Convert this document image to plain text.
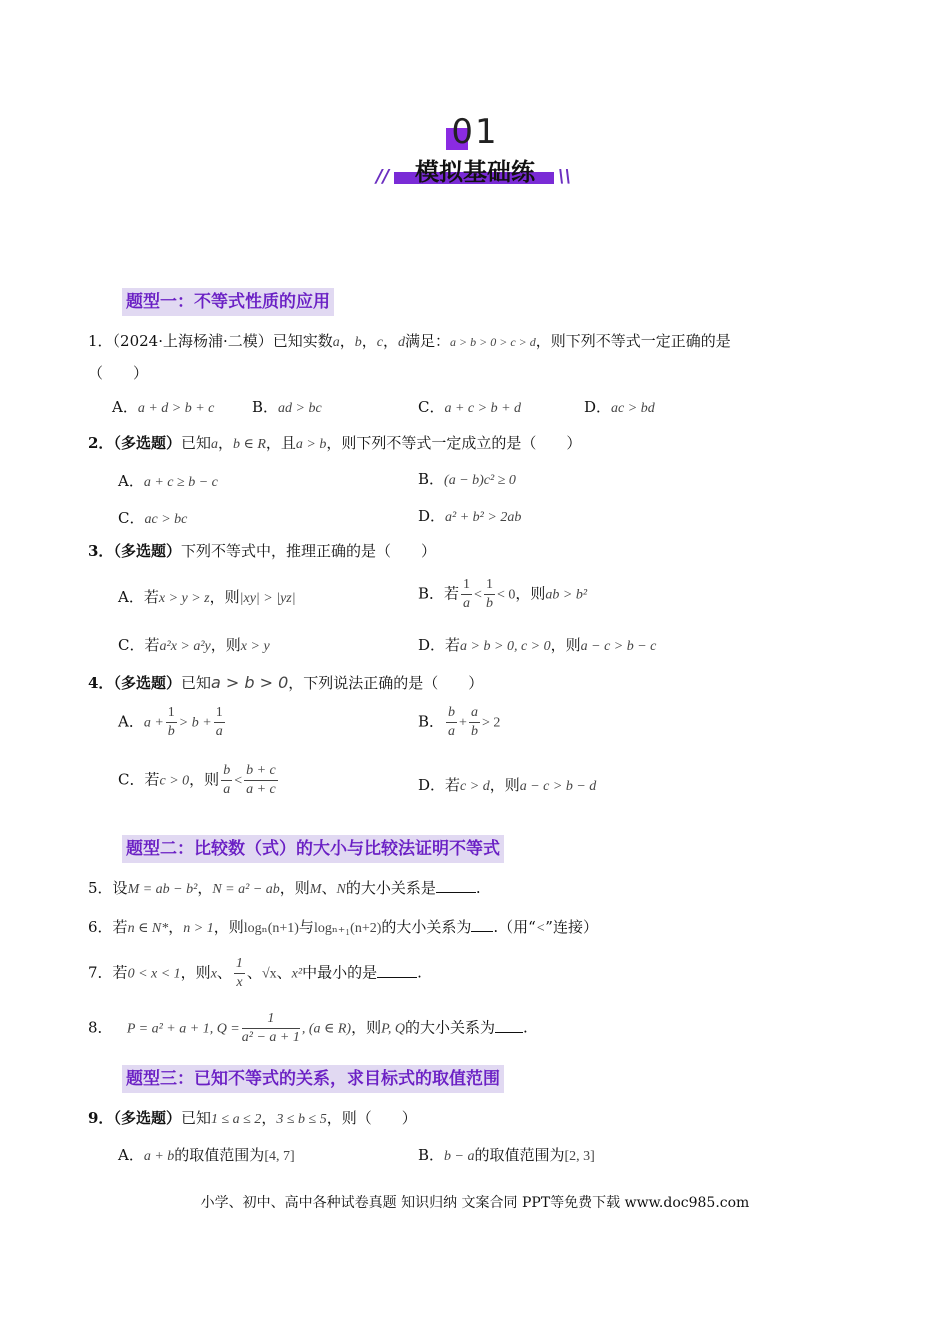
01
模拟基础练
//	\\
题型一：不等式性质的应用
1．（2024·上海杨浦·二模）已知实数a，b，c，d满足：a > b > 0 > c > d，则下列不等式一定正确的是
（　　）
A．a + d > b + c	B．ad > bc	C．a + c > b + d	D．ac > bd
2．（多选题）已知a，b ∈ R，且a > b，则下列不等式一定成立的是（　　）
A．a + c ≥ b − c	B．(a − b)c² ≥ 0
C．ac > bc	D．a² + b² > 2ab
3．（多选题）下列不等式中，推理正确的是（　　）
A．若x > y > z，则|xy| > |yz|	B．若 $\frac{1}{a} < \frac{1}{b} < 0$，则ab > b²
C．若a²x > a²y，则x > y	D．若a > b > 0, c > 0，则a − c > b − c
4．（多选题）已知a > b > 0，下列说法正确的是（　　）
A．$a + \frac{1}{b} > b + \frac{1}{a}$	B． $\frac{b}{a} + \frac{a}{b} > 2$
C．若c > 0，则 $\frac{b}{a} < \frac{b + c}{a + c}$	D．若c > d，则a − c > b − d
题型二：比较数（式）的大小与比较法证明不等式
5．设M = ab − b²，N = a² − ab，则M、N的大小关系是	.
6．若n ∈ N*，n > 1，则logₙ(n+1)与logₙ₊₁(n+2)的大小关系为 .（用“<”连接）
7．若0 < x < 1，则x、 $\frac{1}{x}$ 、√x、x²中最小的是	.
8． P = a² + a + 1, $Q = \frac{1}{\text{a² − a + 1}}$ , (a ∈ R)，则P, Q的大小关系为 .
题型三：已知不等式的关系，求目标式的取值范围
9．（多选题）已知1 ≤ a ≤ 2，3 ≤ b ≤ 5，则（　　）
A．a + b的取值范围为[4, 7]	B．b − a的取值范围为[2, 3]
小学、初中、高中各种试卷真题 知识归纳 文案合同 PPT等免费下载 www.doc985.com
